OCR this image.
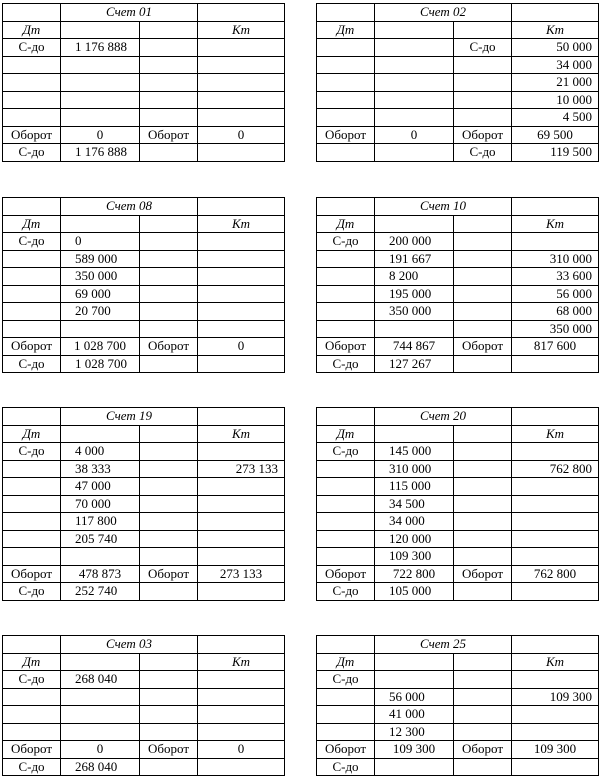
	Счет 01		
Дт			Кт
С-до	1 176 888		

Оборот	0	Оборот	0
С-до	1 176 888		
	Счет 02		
Дт			Кт
		С-до	50 000
			34 000
			21 000
			10 000
			4 500
Оборот	0	Оборот	69 500
		С-до	119 500
	Счет 08		
Дт			Кт
С-до	0		
	589 000		
	350 000		
	69 000		
	20 700		

Оборот	1 028 700	Оборот	0
С-до	1 028 700		
	Счет 10		
Дт			Кт
С-до	200 000		
	191 667		310 000
	8 200		33 600
	195 000		56 000
	350 000		68 000
			350 000
Оборот	744 867	Оборот	817 600
С-до	127 267		
	Счет 19		
Дт			Кт
С-до	4 000		
	38 333		273 133
	47 000		
	70 000		
	117 800		
	205 740		

Оборот	478 873	Оборот	273 133
С-до	252 740		
	Счет 20		
Дт			Кт
С-до	145 000		
	310 000		762 800
	115 000		
	34 500		
	34 000		
	120 000		
	109 300		
Оборот	722 800	Оборот	762 800
С-до	105 000		
	Счет 03		
Дт			Кт
С-до	268 040		

Оборот	0	Оборот	0
С-до	268 040		
	Счет 25		
Дт			Кт
С-до			
	56 000		109 300
	41 000		
	12 300		
Оборот	109 300	Оборот	109 300
С-до			
